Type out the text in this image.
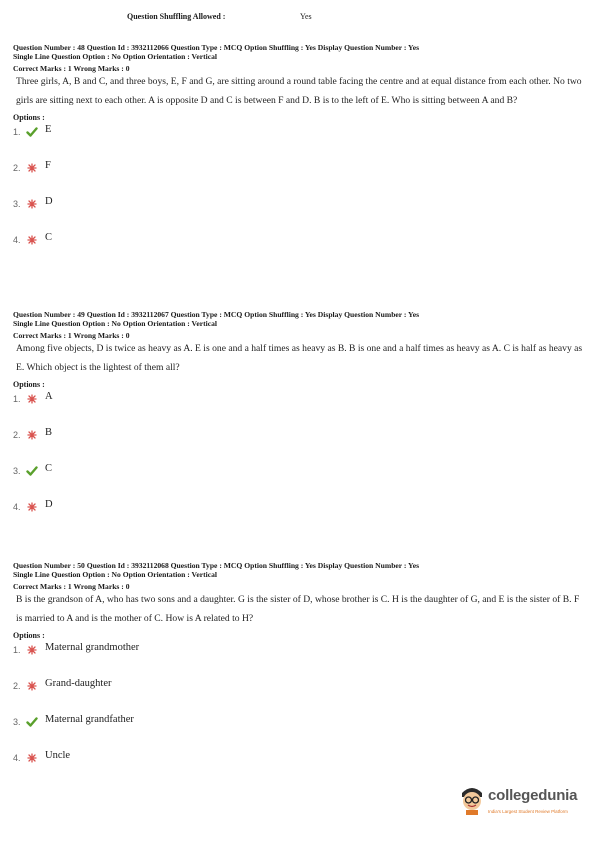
Question Shuffling Allowed :	Yes
Question Number : 48 Question Id : 3932112066 Question Type : MCQ Option Shuffling : Yes Display Question Number : Yes
Single Line Question Option : No Option Orientation : Vertical
Correct Marks : 1 Wrong Marks : 0
Three girls, A, B and C, and three boys, E, F and G, are sitting around a round table facing the centre and at equal distance from each other. No two girls are sitting next to each other. A is opposite D and C is between F and D. B is to the left of E. Who is sitting between A and B?
Options :
1. E
2. F
3. D
4. C
Question Number : 49 Question Id : 3932112067 Question Type : MCQ Option Shuffling : Yes Display Question Number : Yes
Single Line Question Option : No Option Orientation : Vertical
Correct Marks : 1 Wrong Marks : 0
Among five objects, D is twice as heavy as A. E is one and a half times as heavy as B. B is one and a half times as heavy as A. C is half as heavy as E. Which object is the lightest of them all?
Options :
1. A
2. B
3. C
4. D
Question Number : 50 Question Id : 3932112068 Question Type : MCQ Option Shuffling : Yes Display Question Number : Yes
Single Line Question Option : No Option Orientation : Vertical
Correct Marks : 1 Wrong Marks : 0
B is the grandson of A, who has two sons and a daughter. G is the sister of D, whose brother is C. H is the daughter of G, and E is the sister of B. F is married to A and is the mother of C. How is A related to H?
Options :
1. Maternal grandmother
2. Grand-daughter
3. Maternal grandfather
4. Uncle
collegedunia
India's Largest Student Review Platform
